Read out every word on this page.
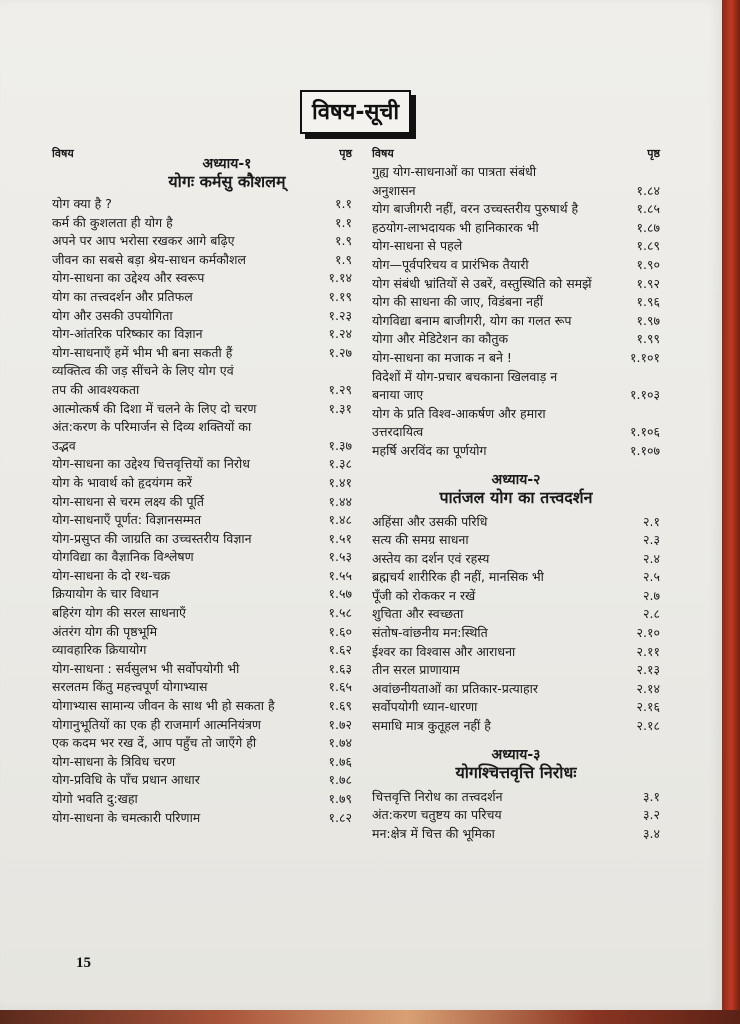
विषय-सूची
विषय	पृष्ठ
अध्याय-१
योगः कर्मसु कौशलम्
योग क्या है ?	१.१
कर्म की कुशलता ही योग है	१.१
अपने पर आप भरोसा रखकर आगे बढ़िए	१.९
जीवन का सबसे बड़ा श्रेय-साधन कर्मकौशल	१.९
योग-साधना का उद्देश्य और स्वरूप	१.१४
योग का तत्त्वदर्शन और प्रतिफल	१.१९
योग और उसकी उपयोगिता	१.२३
योग-आंतरिक परिष्कार का विज्ञान	१.२४
योग-साधनाएँ हमें भीम भी बना सकती हैं	१.२७
व्यक्तित्व की जड़ सींचने के लिए योग एवं
तप की आवश्यकता	१.२९
आत्मोत्कर्ष की दिशा में चलने के लिए दो चरण	१.३१
अंत:करण के परिमार्जन से दिव्य शक्तियों का
उद्भव	१.३७
योग-साधना का उद्देश्य चित्तवृत्तियों का निरोध	१.३८
योग के भावार्थ को हृदयंगम करें	१.४१
योग-साधना से चरम लक्ष्य की पूर्ति	१.४४
योग-साधनाएँ पूर्णत: विज्ञानसम्मत	१.४८
योग-प्रसुप्त की जाग्रति का उच्चस्तरीय विज्ञान	१.५१
योगविद्या का वैज्ञानिक विश्लेषण	१.५३
योग-साधना के दो रथ-चक्र	१.५५
क्रियायोग के चार विधान	१.५७
बहिरंग योग की सरल साधनाएँ	१.५८
अंतरंग योग की पृष्ठभूमि	१.६०
व्यावहारिक क्रियायोग	१.६२
योग-साधना : सर्वसुलभ भी सर्वोपयोगी भी	१.६३
सरलतम किंतु महत्त्वपूर्ण योगाभ्यास	१.६५
योगाभ्यास सामान्य जीवन के साथ भी हो सकता है	१.६९
योगानुभूतियों का एक ही राजमार्ग आत्मनियंत्रण	१.७२
एक कदम भर रख दें, आप पहुँच तो जाएँगे ही	१.७४
योग-साधना के त्रिविध चरण	१.७६
योग-प्रविधि के पाँच प्रधान आधार	१.७८
योगो भवति दु:खहा	१.७९
योग-साधना के चमत्कारी परिणाम	१.८२
विषय	पृष्ठ
गुह्य योग-साधनाओं का पात्रता संबंधी
अनुशासन	१.८४
योग बाजीगरी नहीं, वरन उच्चस्तरीय पुरुषार्थ है	१.८५
हठयोग-लाभदायक भी हानिकारक भी	१.८७
योग-साधना से पहले	१.८९
योग—पूर्वपरिचय व प्रारंभिक तैयारी	१.९०
योग संबंधी भ्रांतियों से उबरें, वस्तुस्थिति को समझें	१.९२
योग की साधना की जाए, विडंबना नहीं	१.९६
योगविद्या बनाम बाजीगरी, योग का गलत रूप	१.९७
योगा और मेडिटेशन का कौतुक	१.९९
योग-साधना का मजाक न बने !	१.१०१
विदेशों में योग-प्रचार बचकाना खिलवाड़ न
बनाया जाए	१.१०३
योग के प्रति विश्व-आकर्षण और हमारा
उत्तरदायित्व	१.१०६
महर्षि अरविंद का पूर्णयोग	१.१०७
अध्याय-२
पातंजल योग का तत्त्वदर्शन
अहिंसा और उसकी परिधि	२.१
सत्य की समग्र साधना	२.३
अस्तेय का दर्शन एवं रहस्य	२.४
ब्रह्मचर्य शारीरिक ही नहीं, मानसिक भी	२.५
पूँजी को रोककर न रखें	२.७
शुचिता और स्वच्छता	२.८
संतोष-वांछनीय मन:स्थिति	२.१०
ईश्वर का विश्वास और आराधना	२.११
तीन सरल प्राणायाम	२.१३
अवांछनीयताओं का प्रतिकार-प्रत्याहार	२.१४
सर्वोपयोगी ध्यान-धारणा	२.१६
समाधि मात्र कुतूहल नहीं है	२.१८
अध्याय-३
योगश्चित्तवृत्ति निरोधः
चित्तवृत्ति निरोध का तत्त्वदर्शन	३.१
अंत:करण चतुष्टय का परिचय	३.२
मन:क्षेत्र में चित्त की भूमिका	३.४
15
